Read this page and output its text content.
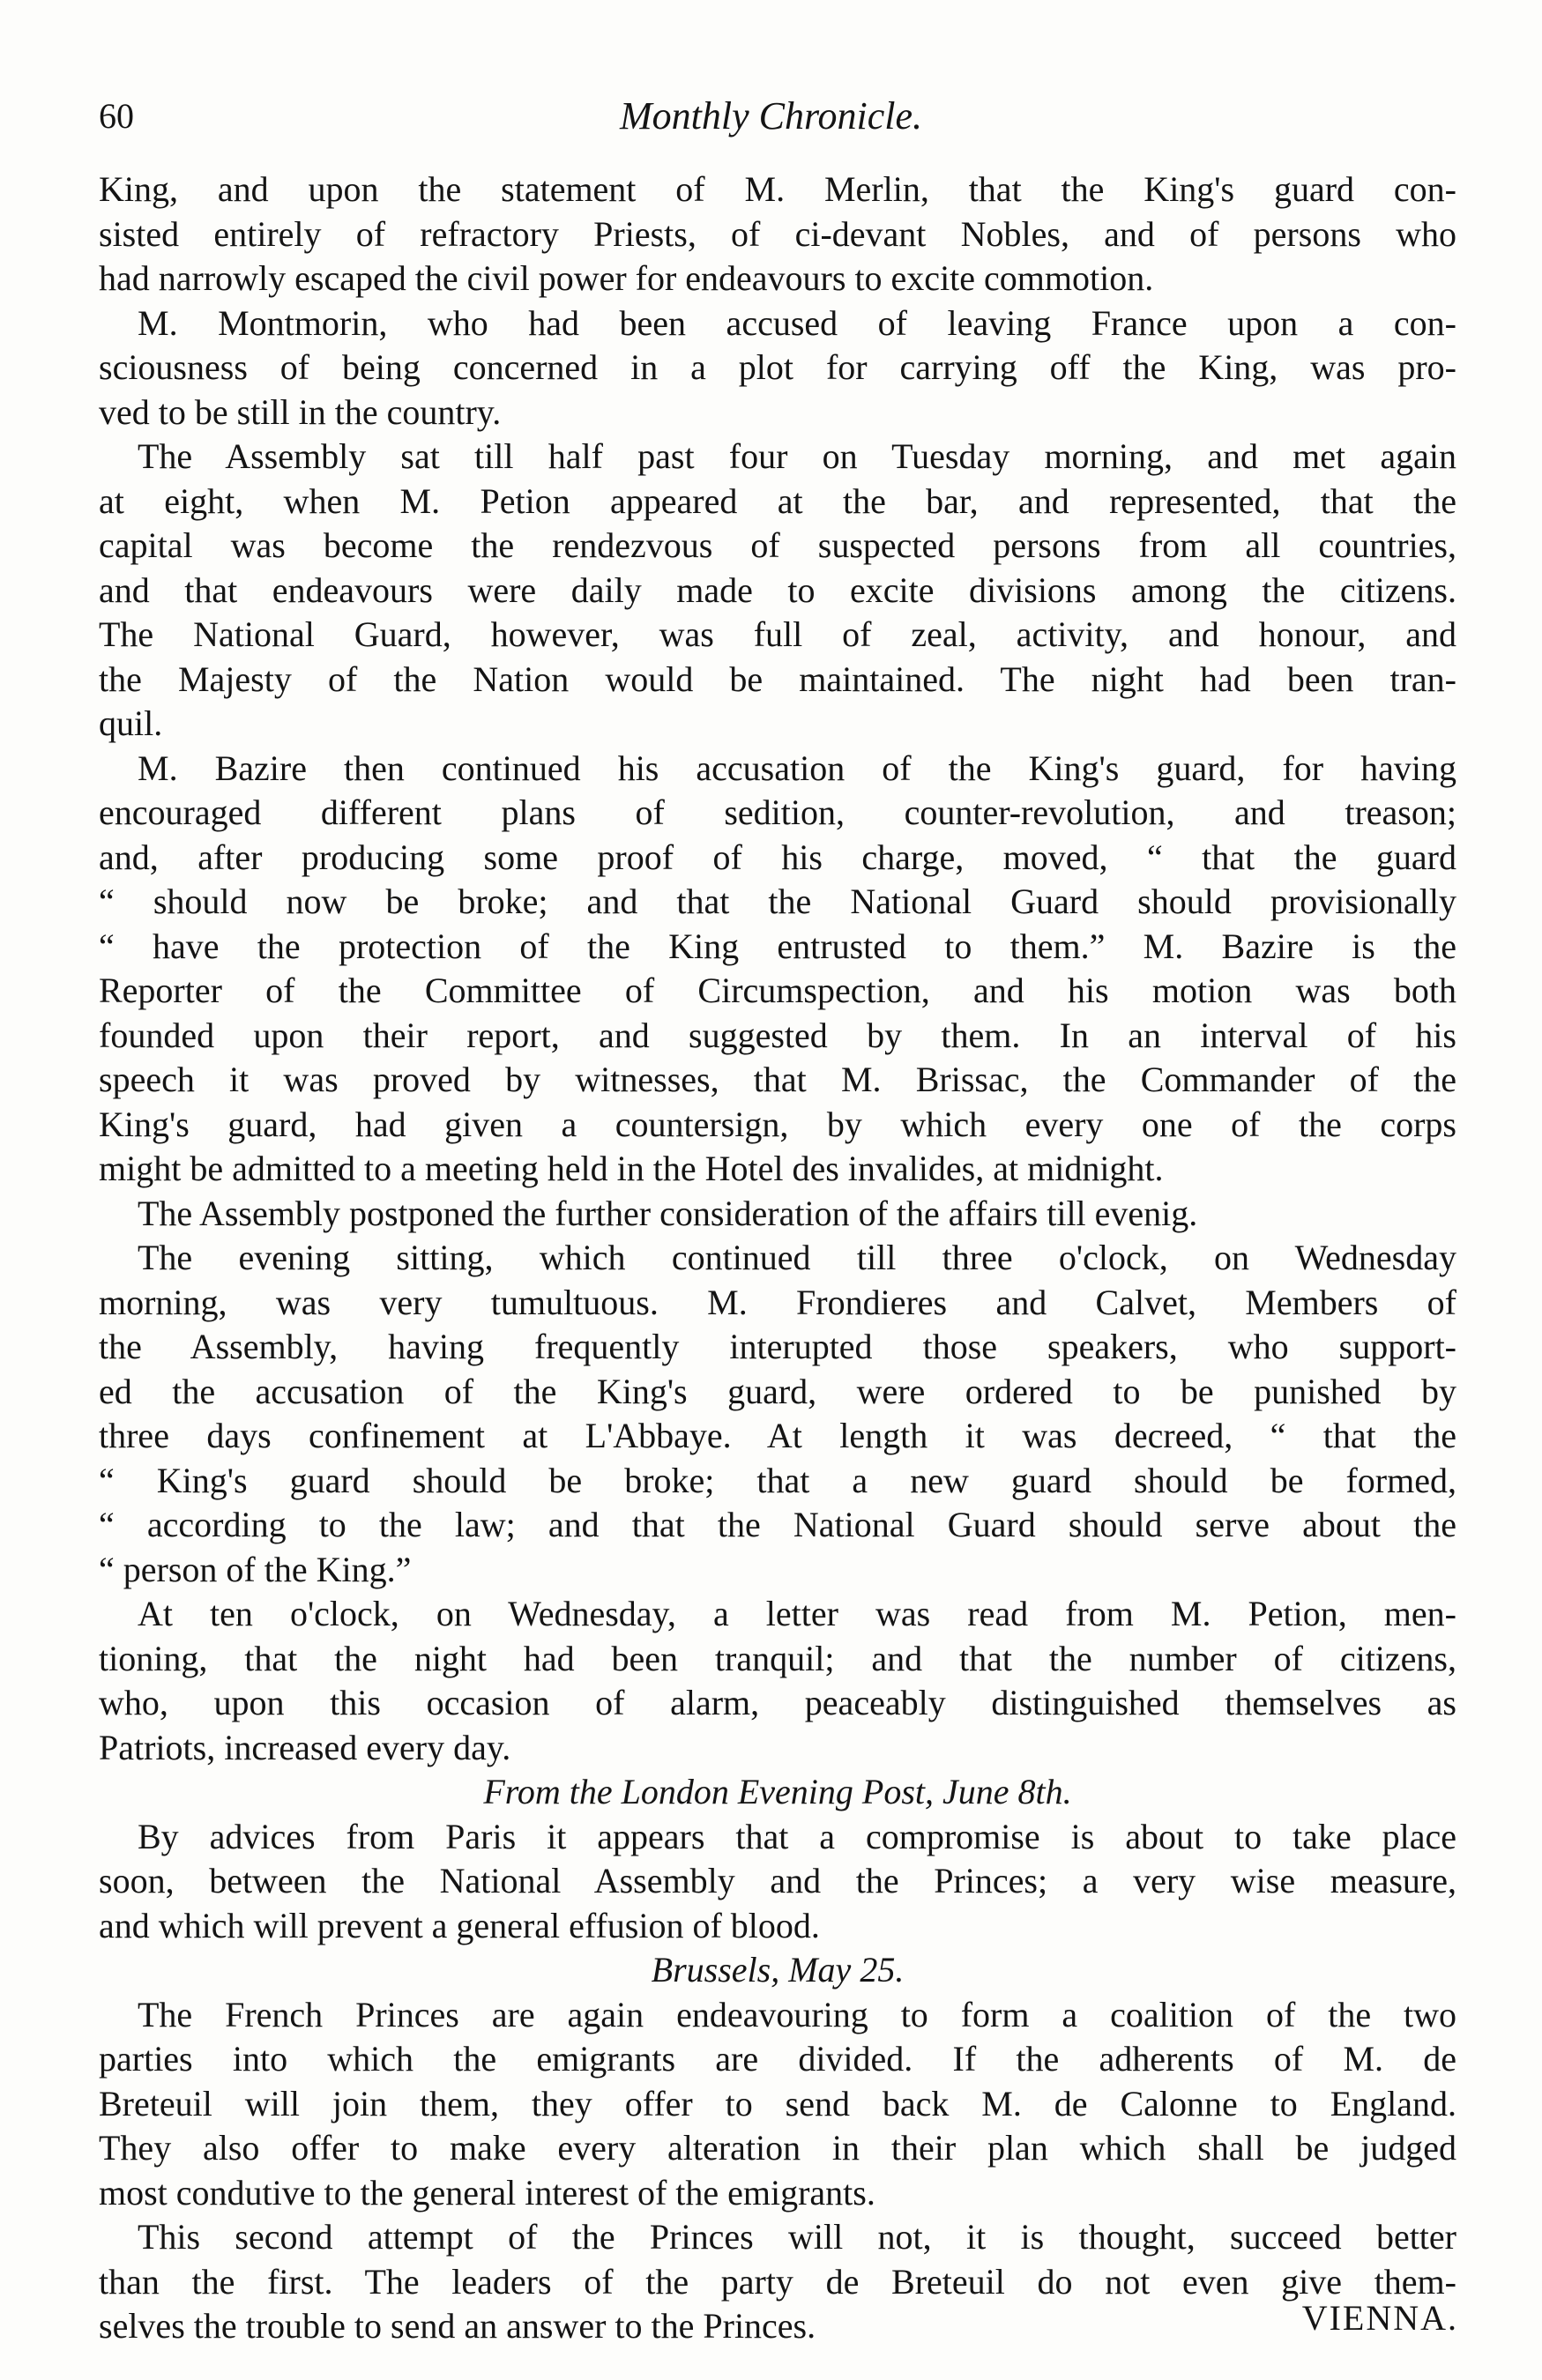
60	Monthly Chronicle.
King, and upon the statement of M. Merlin, that the King's guard con-
sisted entirely of refractory Priests, of ci-devant Nobles, and of persons who
had narrowly escaped the civil power for endeavours to excite commotion.
M. Montmorin, who had been accused of leaving France upon a con-
sciousness of being concerned in a plot for carrying off the King, was pro-
ved to be still in the country.
The Assembly sat till half past four on Tuesday morning, and met again
at eight, when M. Petion appeared at the bar, and represented, that the
capital was become the rendezvous of suspected persons from all countries,
and that endeavours were daily made to excite divisions among the citizens.
The National Guard, however, was full of zeal, activity, and honour, and
the Majesty of the Nation would be maintained. The night had been tran-
quil.
M. Bazire then continued his accusation of the King's guard, for having
encouraged different plans of sedition, counter-revolution, and treason;
and, after producing some proof of his charge, moved, “ that the guard
“ should now be broke; and that the National Guard should provisionally
“ have the protection of the King entrusted to them.” M. Bazire is the
Reporter of the Committee of Circumspection, and his motion was both
founded upon their report, and suggested by them. In an interval of his
speech it was proved by witnesses, that M. Brissac, the Commander of the
King's guard, had given a countersign, by which every one of the corps
might be admitted to a meeting held in the Hotel des invalides, at midnight.
The Assembly postponed the further consideration of the affairs till evenig.
The evening sitting, which continued till three o'clock, on Wednesday
morning, was very tumultuous. M. Frondieres and Calvet, Members of
the Assembly, having frequently interupted those speakers, who support-
ed the accusation of the King's guard, were ordered to be punished by
three days confinement at L'Abbaye. At length it was decreed, “ that the
“ King's guard should be broke; that a new guard should be formed,
“ according to the law; and that the National Guard should serve about the
“ person of the King.”
At ten o'clock, on Wednesday, a letter was read from M. Petion, men-
tioning, that the night had been tranquil; and that the number of citizens,
who, upon this occasion of alarm, peaceably distinguished themselves as
Patriots, increased every day.
From the London Evening Post, June 8th.
By advices from Paris it appears that a compromise is about to take place
soon, between the National Assembly and the Princes; a very wise measure,
and which will prevent a general effusion of blood.
Brussels, May 25.
The French Princes are again endeavouring to form a coalition of the two
parties into which the emigrants are divided. If the adherents of M. de
Breteuil will join them, they offer to send back M. de Calonne to England.
They also offer to make every alteration in their plan which shall be judged
most condutive to the general interest of the emigrants.
This second attempt of the Princes will not, it is thought, succeed better
than the first. The leaders of the party de Breteuil do not even give them-
selves the trouble to send an answer to the Princes.	VIENNA.
